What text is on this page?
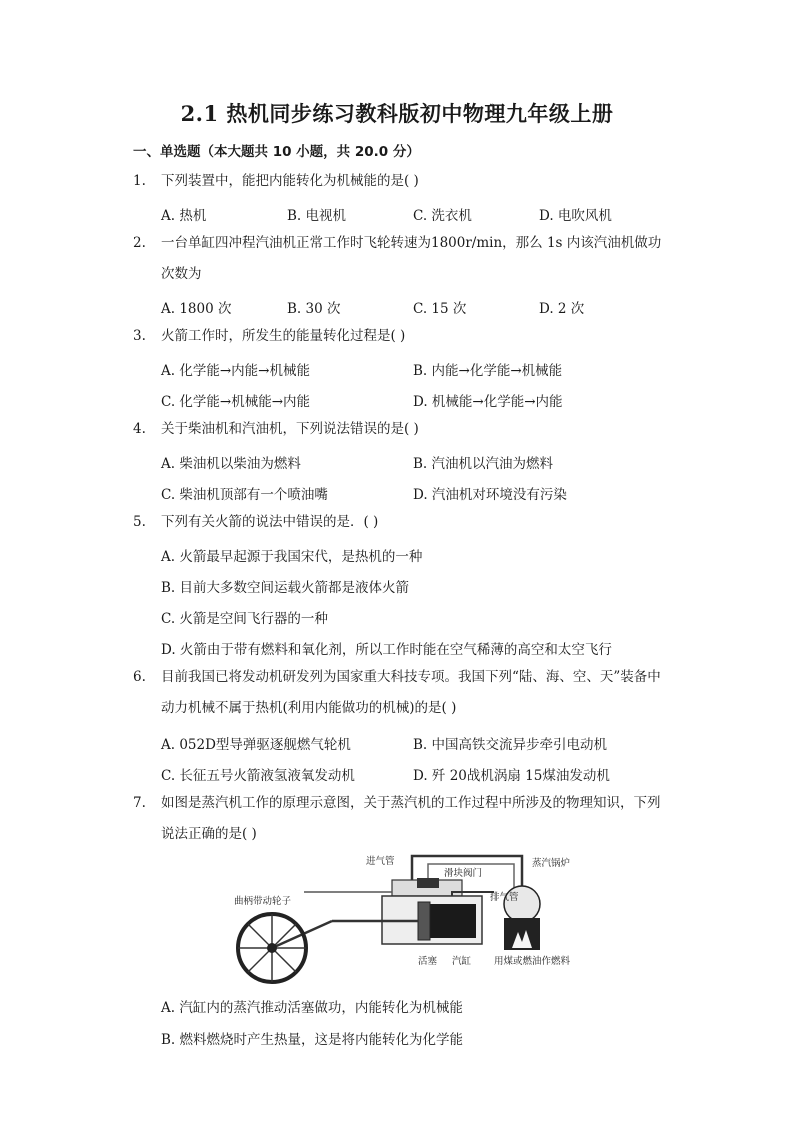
2.1 热机同步练习教科版初中物理九年级上册
一、单选题（本大题共 10 小题，共 20.0 分）
1.	下列装置中，能把内能转化为机械能的是( )
A. 热机	B. 电视机	C. 洗衣机	D. 电吹风机
2.	一台单缸四冲程汽油机正常工作时飞轮转速为1800r/min，那么 1s 内该汽油机做功次数为
A. 1800 次	B. 30 次	C. 15 次	D. 2 次
3.	火箭工作时，所发生的能量转化过程是( )
A. 化学能→内能→机械能	B. 内能→化学能→机械能
C. 化学能→机械能→内能	D. 机械能→化学能→内能
4.	关于柴油机和汽油机，下列说法错误的是( )
A. 柴油机以柴油为燃料	B. 汽油机以汽油为燃料
C. 柴油机顶部有一个喷油嘴	D. 汽油机对环境没有污染
5.	下列有关火箭的说法中错误的是．( )
A. 火箭最早起源于我国宋代，是热机的一种
B. 目前大多数空间运载火箭都是液体火箭
C. 火箭是空间飞行器的一种
D. 火箭由于带有燃料和氧化剂，所以工作时能在空气稀薄的高空和太空飞行
6.	目前我国已将发动机研发列为国家重大科技专项。我国下列“陆、海、空、天”装备中动力机械不属于热机(利用内能做功的机械)的是( )
A. 052D型导弹驱逐舰燃气轮机	B. 中国高铁交流异步牵引电动机
C. 长征五号火箭液氢液氧发动机	D. 歼 20战机涡扇 15煤油发动机
7.	如图是蒸汽机工作的原理示意图，关于蒸汽机的工作过程中所涉及的物理知识，下列说法正确的是( )
进气管
滑块阀门
蒸汽锅炉
曲柄带动轮子	排气管
活塞 汽缸 用煤或燃油作燃料
A. 汽缸内的蒸汽推动活塞做功，内能转化为机械能
B. 燃料燃烧时产生热量，这是将内能转化为化学能
